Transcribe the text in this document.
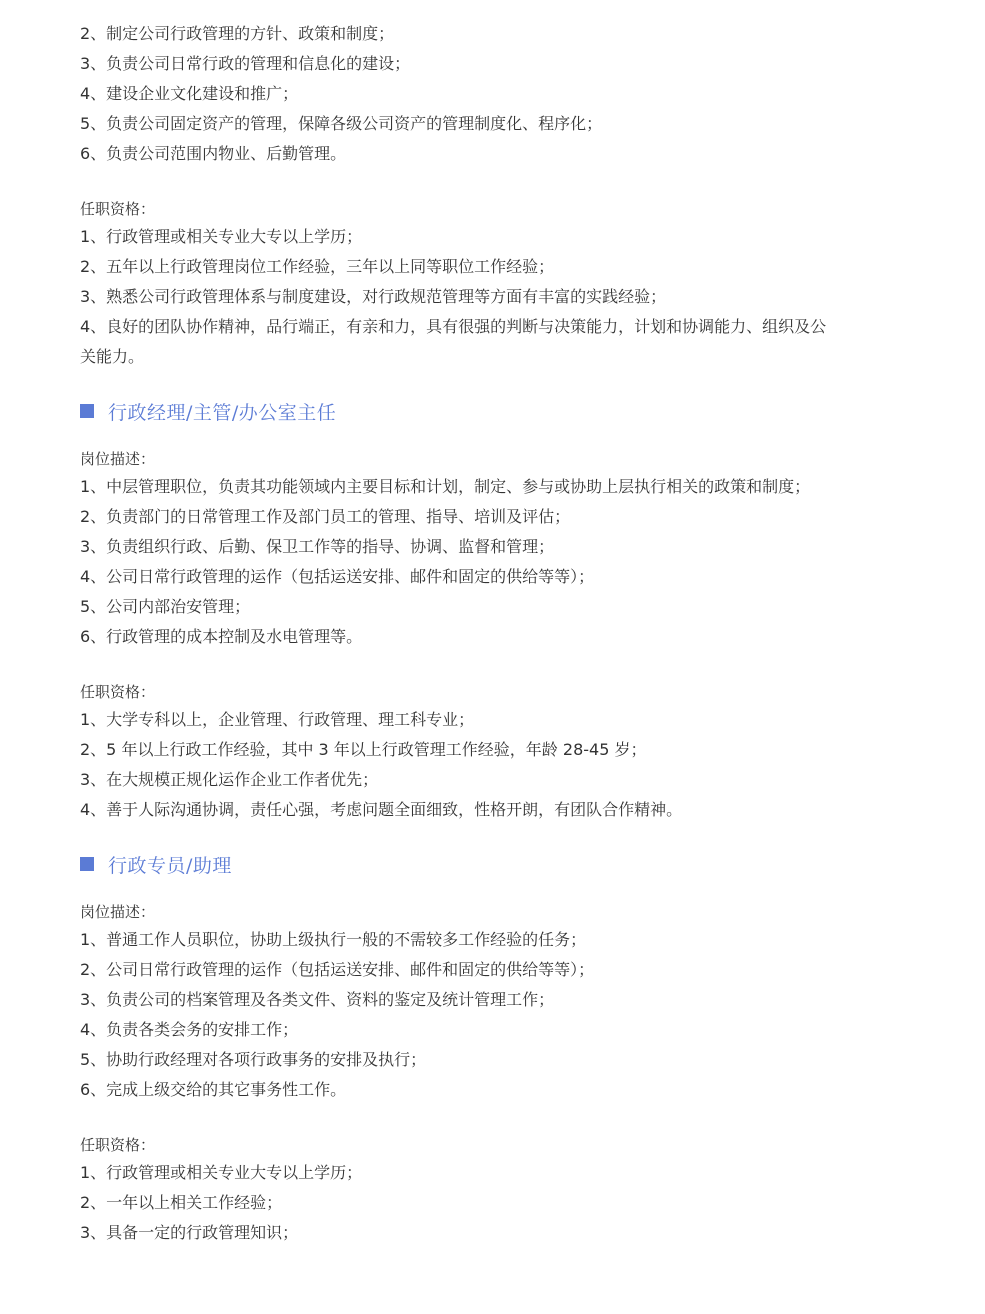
2、制定公司行政管理的方针、政策和制度；
3、负责公司日常行政的管理和信息化的建设；
4、建设企业文化建设和推广；
5、负责公司固定资产的管理，保障各级公司资产的管理制度化、程序化；
6、负责公司范围内物业、后勤管理。
任职资格：
1、行政管理或相关专业大专以上学历；
2、五年以上行政管理岗位工作经验，三年以上同等职位工作经验；
3、熟悉公司行政管理体系与制度建设，对行政规范管理等方面有丰富的实践经验；
4、良好的团队协作精神，品行端正，有亲和力，具有很强的判断与决策能力，计划和协调能力、组织及公关能力。
行政经理/主管/办公室主任
岗位描述：
1、中层管理职位，负责其功能领域内主要目标和计划，制定、参与或协助上层执行相关的政策和制度；
2、负责部门的日常管理工作及部门员工的管理、指导、培训及评估；
3、负责组织行政、后勤、保卫工作等的指导、协调、监督和管理；
4、公司日常行政管理的运作（包括运送安排、邮件和固定的供给等等）；
5、公司内部治安管理；
6、行政管理的成本控制及水电管理等。
任职资格：
1、大学专科以上，企业管理、行政管理、理工科专业；
2、5 年以上行政工作经验，其中 3 年以上行政管理工作经验，年龄 28-45 岁；
3、在大规模正规化运作企业工作者优先；
4、善于人际沟通协调，责任心强，考虑问题全面细致，性格开朗，有团队合作精神。
行政专员/助理
岗位描述：
1、普通工作人员职位，协助上级执行一般的不需较多工作经验的任务；
2、公司日常行政管理的运作（包括运送安排、邮件和固定的供给等等）；
3、负责公司的档案管理及各类文件、资料的鉴定及统计管理工作；
4、负责各类会务的安排工作；
5、协助行政经理对各项行政事务的安排及执行；
6、完成上级交给的其它事务性工作。
任职资格：
1、行政管理或相关专业大专以上学历；
2、一年以上相关工作经验；
3、具备一定的行政管理知识；
